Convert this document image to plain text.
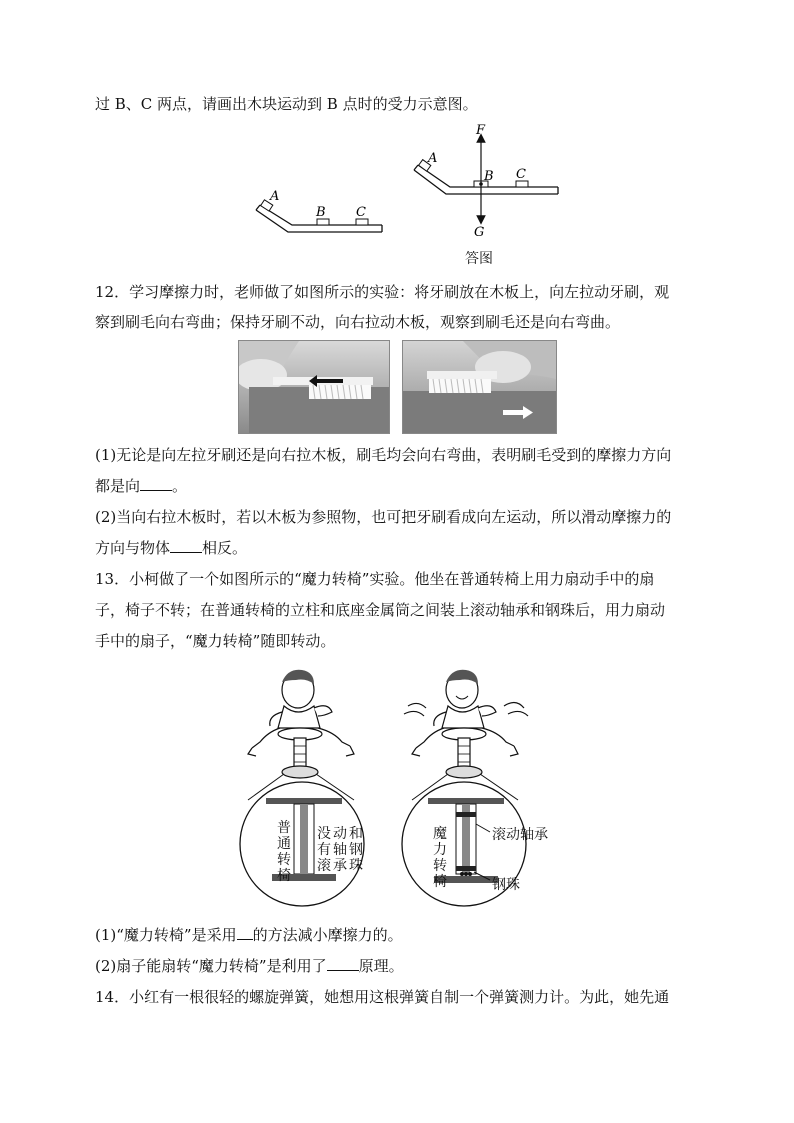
过 B、C 两点，请画出木块运动到 B 点时的受力示意图。
A
B C
F
G
A
B C
答图
12．学习摩擦力时，老师做了如图所示的实验：将牙刷放在木板上，向左拉动牙刷，观
察到刷毛向右弯曲；保持牙刷不动，向右拉动木板，观察到刷毛还是向右弯曲。
(1)无论是向左拉牙刷还是向右拉木板，刷毛均会向右弯曲，表明刷毛受到的摩擦力方向
都是向 。
(2)当向右拉木板时，若以木板为参照物，也可把牙刷看成向左运动，所以滑动摩擦力的
方向与物体 相反。
13．小柯做了一个如图所示的“魔力转椅”实验。他坐在普通转椅上用力扇动手中的扇
子，椅子不转；在普通转椅的立柱和底座金属筒之间装上滚动轴承和钢珠后，用力扇动
手中的扇子，“魔力转椅”随即转动。
普
通
转
椅
没
有
滚
动
轴
承
和
钢
珠
魔
力
转
椅
滚动轴承
钢珠
(1)“魔力转椅”是采用 的方法减小摩擦力的。
(2)扇子能扇转“魔力转椅”是利用了 原理。
14．小红有一根很轻的螺旋弹簧，她想用这根弹簧自制一个弹簧测力计。为此，她先通
